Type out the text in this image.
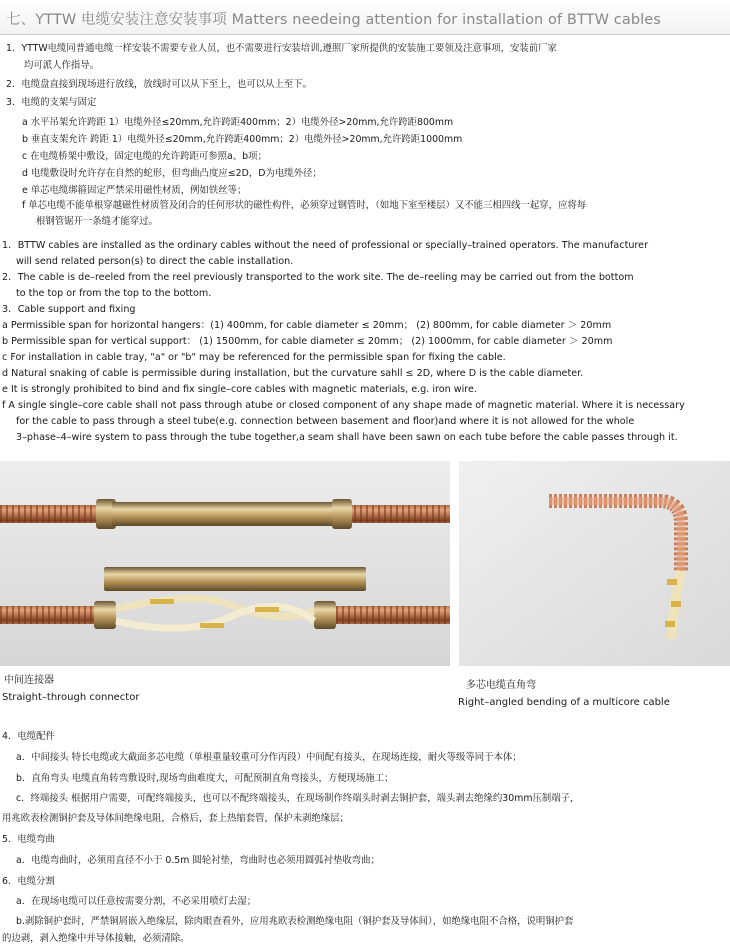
七、YTTW 电缆安装注意安装事项 Matters needeing attention for installation of BTTW cables
1．YTTW电缆同普通电缆一样安装不需要专业人员，也不需要进行安装培训,遵照厂家所提供的安装施工要领及注意事项，安装前厂家
均可派人作指导。
2．电缆盘直接到现场进行放线，放线时可以从下至上，也可以从上至下。
3．电缆的支架与固定
a 水平吊架允许跨距 1）电缆外径≤20mm,允许跨距400mm；2）电缆外径>20mm,允许跨距800mm
b 垂直支架允许 跨距 1）电缆外径≤20mm,允许跨距400mm；2）电缆外径>20mm,允许跨距1000mm
c 在电缆桥架中敷设，固定电缆的允许跨距可参照a、b项；
d 电缆敷设时允许存在自然的蛇形，但弯曲凸度应≤2D，D为电缆外径；
e 单芯电缆绑箍固定严禁采用磁性材质，例如铁丝等；
f 单芯电缆不能单根穿越磁性材质管及闭合的任何形状的磁性构件，必须穿过钢管时，（如地下室至楼层）又不能三相四线一起穿，应将每
根钢管锯开一条缝才能穿过。
1．BTTW cables are installed as the ordinary cables without the need of professional or specially–trained operators. The manufacturer
will send related person(s) to direct the cable installation.
2．The cable is de–reeled from the reel previously transported to the work site. The de–reeling may be carried out from the bottom
to the top or from the top to the bottom.
3．Cable support and fixing
a Permissible span for horizontal hangers：(1) 400mm, for cable diameter ≤ 20mm； (2) 800mm, for cable diameter ＞ 20mm
b Permissible span for vertical support： (1) 1500mm, for cable diameter ≤ 20mm； (2) 1000mm, for cable diameter ＞ 20mm
c For installation in cable tray, "a" or "b" may be referenced for the permissible span for fixing the cable.
d Natural snaking of cable is permissible during installation, but the curvature sahll ≤ 2D, where D is the cable diameter.
e It is strongly prohibited to bind and fix single–core cables with magnetic materials, e.g. iron wire.
f A single single–core cable shall not pass through atube or closed component of any shape made of magnetic material. Where it is necessary
for the cable to pass through a steel tube(e.g. connection between basement and floor)and where it is not allowed for the whole
3–phase–4–wire system to pass through the tube together,a seam shall have been sawn on each tube before the cable passes through it.
中间连接器
Straight–through connector
多芯电缆直角弯
Right–angled bending of a multicore cable
4．电缆配件
a．中间接头 特长电缆或大截面多芯电缆（单根重量较重可分作丙段）中间配有接头，在现场连接，耐火等级等同于本体；
b．直角弯头 电缆直角转弯敷设时,现场弯曲难度大，可配预制直角弯接头，方便现场施工；
c．终端接头 根据用户需要，可配终端接头，也可以不配终端接头，在现场制作终端头时剥去铜护套，端头剥去绝缘约30mm压制端子，
用兆欧表检测铜护套及导体间绝缘电阻，合格后，套上热缩套管，保护未剥绝缘层；
5．电缆弯曲
a．电缆弯曲时，必须用直径不小于 0.5m 圆轮衬垫，弯曲时也必须用圆弧衬垫收弯曲；
6．电缆分割
a．在现场电缆可以任意按需要分割，不必采用喷灯去湿；
b.剥除铜护套时，严禁铜屑嵌入绝缘层，除肉眼查看外，应用兆欧表检测绝缘电阻（铜护套及导体间），如绝缘电阻不合格，说明铜护套
的边剥，剥入绝缘中并导体接触，必须清除。
